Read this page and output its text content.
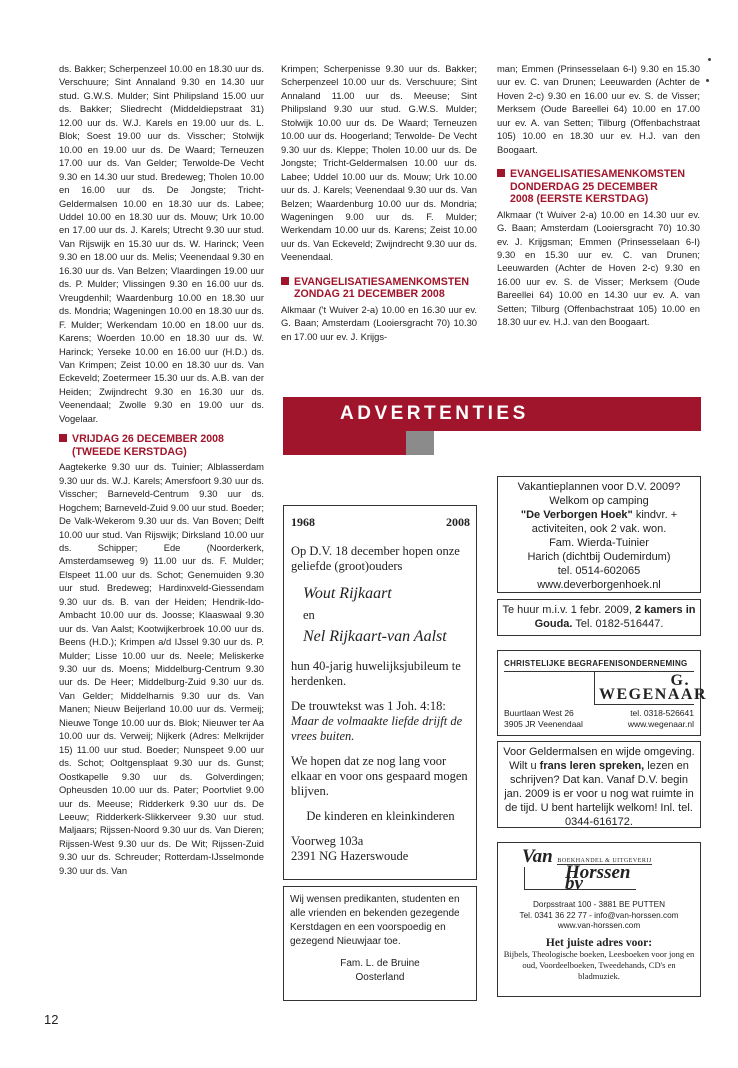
ds. Bakker; Scherpenzeel 10.00 en 18.30 uur ds. Verschuure; Sint Annaland 9.30 en 14.30 uur stud. G.W.S. Mulder; Sint Philipsland 15.00 uur ds. Bakker; Sliedrecht (Middeldiepstraat 31) 12.00 uur ds. W.J. Karels en 19.00 uur ds. L. Blok; Soest 19.00 uur ds. Visscher; Stolwijk 10.00 en 19.00 uur ds. De Waard; Terneuzen 17.00 uur ds. Van Gelder; Terwolde-De Vecht 9.30 en 14.30 uur stud. Bredeweg; Tholen 10.00 en 16.00 uur ds. De Jongste; Tricht-Geldermalsen 10.00 en 18.30 uur ds. Labee; Uddel 10.00 en 18.30 uur ds. Mouw; Urk 10.00 en 17.00 uur ds. J. Karels; Utrecht 9.30 uur stud. Van Rijswijk en 15.30 uur ds. W. Harinck; Veen 9.30 en 18.00 uur ds. Melis; Veenendaal 9.30 en 16.30 uur ds. Van Belzen; Vlaardingen 19.00 uur ds. P. Mulder; Vlissingen 9.30 en 16.00 uur ds. Vreugdenhil; Waardenburg 10.00 en 18.30 uur ds. Mondria; Wageningen 10.00 en 18.30 uur ds. F. Mulder; Werkendam 10.00 en 18.00 uur ds. Karens; Woerden 10.00 en 18.30 uur ds. W. Harinck; Yerseke 10.00 en 16.00 uur (H.D.) ds. Van Krimpen; Zeist 10.00 en 18.30 uur ds. Van Eckeveld; Zoetermeer 15.30 uur ds. A.B. van der Heiden; Zwijndrecht 9.30 en 16.30 uur ds. Veenendaal; Zwolle 9.30 en 19.00 uur ds. Vogelaar.

VRIJDAG 26 DECEMBER 2008
(TWEEDE KERSTDAG)

Aagtekerke 9.30 uur ds. Tuinier; Alblasserdam 9.30 uur ds. W.J. Karels; Amersfoort 9.30 uur ds. Visscher; Barneveld-Centrum 9.30 uur ds. Hogchem; Barneveld-Zuid 9.00 uur stud. Boeder; De Valk-Wekerom 9.30 uur ds. Van Boven; Delft 10.00 uur stud. Van Rijswijk; Dirksland 10.00 uur ds. Schipper; Ede (Noorderkerk, Amsterdamseweg 9) 11.00 uur ds. F. Mulder; Elspeet 11.00 uur ds. Schot; Genemuiden 9.30 uur stud. Bredeweg; Hardinxveld-Giessendam 9.30 uur ds. B. van der Heiden; Hendrik-Ido-Ambacht 10.00 uur ds. Joosse; Klaaswaal 9.30 uur ds. Van Aalst; Kootwijkerbroek 10.00 uur ds. Beens (H.D.); Krimpen a/d IJssel 9.30 uur ds. P. Mulder; Lisse 10.00 uur ds. Neele; Meliskerke 9.30 uur ds. Moens; Middelburg-Centrum 9.30 uur ds. De Heer; Middelburg-Zuid 9.30 uur ds. Van Gelder; Middelharnis 9.30 uur ds. Van Manen; Nieuw Beijerland 10.00 uur ds. Vermeij; Nieuwe Tonge 10.00 uur ds. Blok; Nieuwer ter Aa 10.00 uur ds. Verweij; Nijkerk (Adres: Melkrijder 15) 11.00 uur stud. Boeder; Nunspeet 9.00 uur ds. Schot; Ooltgensplaat 9.30 uur ds. Gunst; Oostkapelle 9.30 uur ds. Golverdingen; Opheusden 10.00 uur ds. Pater; Poortvliet 9.00 uur ds. Meeuse; Ridderkerk 9.30 uur ds. De Leeuw; Ridderkerk-Slikkerveer 9.30 uur stud. Maljaars; Rijssen-Noord 9.30 uur ds. Van Dieren; Rijssen-West 9.30 uur ds. De Wit; Rijssen-Zuid 9.30 uur ds. Schreuder; Rotterdam-IJsselmonde 9.30 uur ds. Van

Krimpen; Scherpenisse 9.30 uur ds. Bakker; Scherpenzeel 10.00 uur ds. Verschuure; Sint Annaland 11.00 uur ds. Meeuse; Sint Philipsland 9.30 uur stud. G.W.S. Mulder; Stolwijk 10.00 uur ds. De Waard; Terneuzen 10.00 uur ds. Hoogerland; Terwolde- De Vecht 9.30 uur ds. Kleppe; Tholen 10.00 uur ds. De Jongste; Tricht-Geldermalsen 10.00 uur ds. Labee; Uddel 10.00 uur ds. Mouw; Urk 10.00 uur ds. J. Karels; Veenendaal 9.30 uur ds. Van Belzen; Waardenburg 10.00 uur ds. Mondria; Wageningen 9.00 uur ds. F. Mulder; Werkendam 10.00 uur ds. Karens; Zeist 10.00 uur ds. Van Eckeveld; Zwijndrecht 9.30 uur ds. Veenendaal.

EVANGELISATIESAMENKOMSTEN
ZONDAG 21 DECEMBER 2008

Alkmaar ('t Wuiver 2-a) 10.00 en 16.30 uur ev. G. Baan; Amsterdam (Looiersgracht 70) 10.30 en 17.00 uur ev. J. Krijgs-

man; Emmen (Prinsesselaan 6-I) 9.30 en 15.30 uur ev. C. van Drunen; Leeuwarden (Achter de Hoven 2-c) 9.30 en 16.00 uur ev. S. de Visser; Merksem (Oude Bareellei 64) 10.00 en 17.00 uur ev. A. van Setten; Tilburg (Offenbachstraat 105) 10.00 en 18.30 uur ev. H.J. van den Boogaart.

EVANGELISATIESAMENKOMSTEN
DONDERDAG 25 DECEMBER
2008 (EERSTE KERSTDAG)

Alkmaar ('t Wuiver 2-a) 10.00 en 14.30 uur ev. G. Baan; Amsterdam (Looiersgracht 70) 10.30 ev. J. Krijgsman; Emmen (Prinsesselaan 6-I) 9.30 en 15.30 uur ev. C. van Drunen; Leeuwarden (Achter de Hoven 2-c) 9.30 en 16.00 uur ev. S. de Visser; Merksem (Oude Bareellei 64) 10.00 en 14.30 uur ev. A. van Setten; Tilburg (Offenbachstraat 105) 10.00 en 18.30 uur ev. H.J. van den Boogaart.

ADVERTENTIES
1968	2008

Op D.V. 18 december hopen onze geliefde (groot)ouders

Wout Rijkaart
en
Nel Rijkaart-van Aalst

hun 40-jarig huwelijksjubileum te herdenken.

De trouwtekst was 1 Joh. 4:18:
Maar de volmaakte liefde drijft de vrees buiten.

We hopen dat ze nog lang voor elkaar en voor ons gespaard mogen blijven.

De kinderen en kleinkinderen

Voorweg 103a
2391 NG Hazerswoude
Wij wensen predikanten, studenten en alle vrienden en bekenden gezegende Kerstdagen en een voorspoedig en gezegend Nieuwjaar toe.
Fam. L. de Bruine
Oosterland
Vakantieplannen voor D.V. 2009?
Welkom op camping
"De Verborgen Hoek" kindvr. + activiteiten, ook 2 vak. won.
Fam. Wierda-Tuinier
Harich (dichtbij Oudemirdum)
tel. 0514-602065
www.deverborgenhoek.nl
Te huur m.i.v. 1 febr. 2009, 2 kamers in Gouda. Tel. 0182-516447.
CHRISTELIJKE BEGRAFENISONDERNEMING
G. WEGENAAR
Buurtlaan West 26	tel. 0318-526641
3905 JR Veenendaal	www.wegenaar.nl
Voor Geldermalsen en wijde omgeving. Wilt u frans leren spreken, lezen en schrijven? Dat kan. Vanaf D.V. begin jan. 2009 is er voor u nog wat ruimte in de tijd. U bent hartelijk welkom! Inl. tel. 0344-616172.
Van BOEKHANDEL & UITGEVERIJ
Horssen bv
Dorpsstraat 100 - 3881 BE PUTTEN
Tel. 0341 36 22 77 - info@van-horssen.com
www.van-horssen.com
Het juiste adres voor:
Bijbels, Theologische boeken, Leesboeken voor jong en oud, Voordeelboeken, Tweedehands, CD's en bladmuziek.
12
